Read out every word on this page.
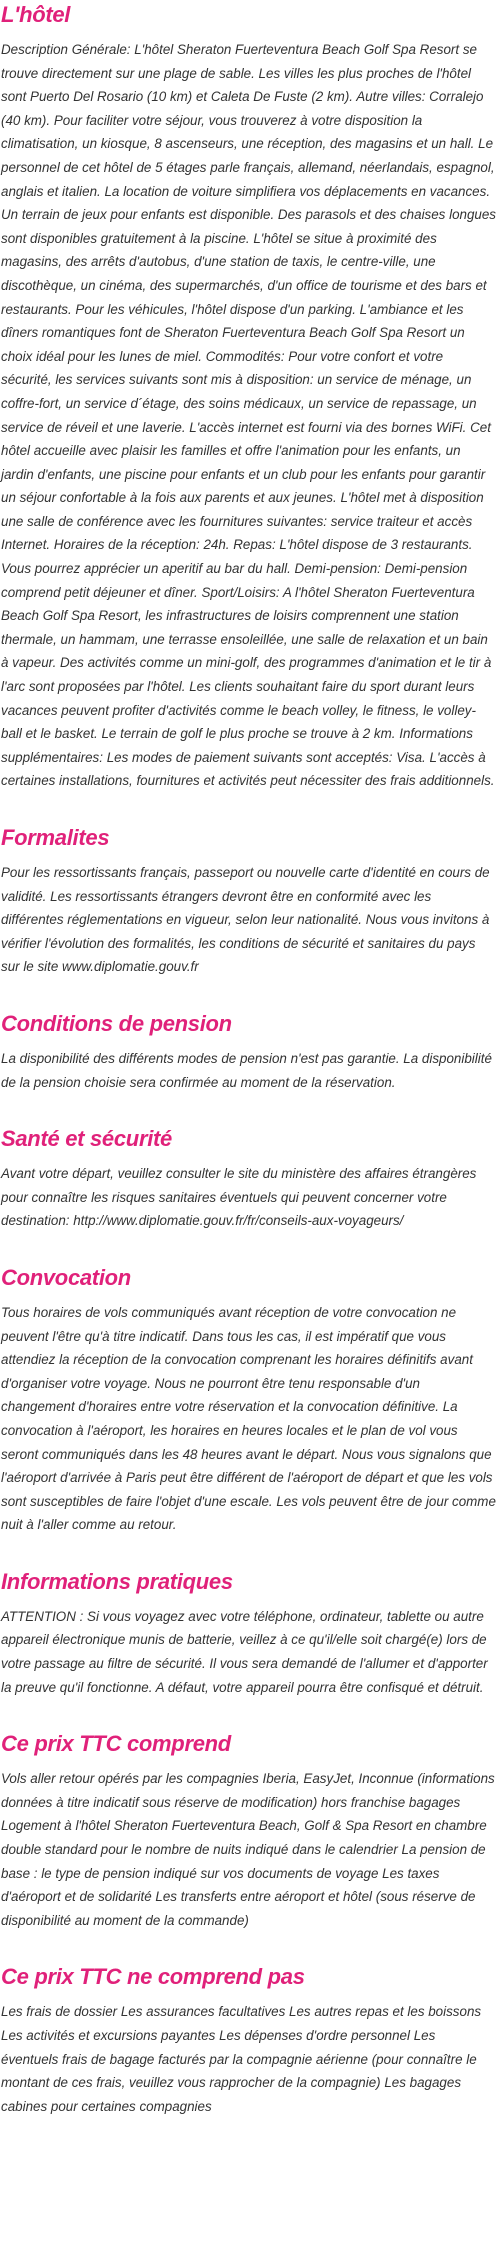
L'hôtel

Description Générale: L'hôtel Sheraton Fuerteventura Beach Golf Spa Resort se trouve directement sur une plage de sable. Les villes les plus proches de l'hôtel sont Puerto Del Rosario (10 km) et Caleta De Fuste (2 km). Autre villes: Corralejo (40 km). Pour faciliter votre séjour, vous trouverez à votre disposition la climatisation, un kiosque, 8 ascenseurs, une réception, des magasins et un hall. Le personnel de cet hôtel de 5 étages parle français, allemand, néerlandais, espagnol, anglais et italien. La location de voiture simplifiera vos déplacements en vacances. Un terrain de jeux pour enfants est disponible. Des parasols et des chaises longues sont disponibles gratuitement à la piscine. L'hôtel se situe à proximité des magasins, des arrêts d'autobus, d'une station de taxis, le centre-ville, une discothèque, un cinéma, des supermarchés, d'un office de tourisme et des bars et restaurants. Pour les véhicules, l'hôtel dispose d'un parking. L'ambiance et les dîners romantiques font de Sheraton Fuerteventura Beach Golf Spa Resort un choix idéal pour les lunes de miel. Commodités: Pour votre confort et votre sécurité, les services suivants sont mis à disposition: un service de ménage, un coffre-fort, un service d´étage, des soins médicaux, un service de repassage, un service de réveil et une laverie. L'accès internet est fourni via des bornes WiFi. Cet hôtel accueille avec plaisir les familles et offre l'animation pour les enfants, un jardin d'enfants, une piscine pour enfants et un club pour les enfants pour garantir un séjour confortable à la fois aux parents et aux jeunes. L'hôtel met à disposition une salle de conférence avec les fournitures suivantes: service traiteur et accès Internet. Horaires de la réception: 24h. Repas: L'hôtel dispose de 3 restaurants. Vous pourrez apprécier un aperitif au bar du hall. Demi-pension: Demi-pension comprend petit déjeuner et dîner. Sport/Loisirs: A l'hôtel Sheraton Fuerteventura Beach Golf Spa Resort, les infrastructures de loisirs comprennent une station thermale, un hammam, une terrasse ensoleillée, une salle de relaxation et un bain à vapeur. Des activités comme un mini-golf, des programmes d'animation et le tir à l'arc sont proposées par l'hôtel. Les clients souhaitant faire du sport durant leurs vacances peuvent profiter d'activités comme le beach volley, le fitness, le volley-ball et le basket. Le terrain de golf le plus proche se trouve à 2 km. Informations supplémentaires: Les modes de paiement suivants sont acceptés: Visa. L'accès à certaines installations, fournitures et activités peut nécessiter des frais additionnels.

Formalites

Pour les ressortissants français, passeport ou nouvelle carte d'identité en cours de validité. Les ressortissants étrangers devront être en conformité avec les différentes réglementations en vigueur, selon leur nationalité. Nous vous invitons à vérifier l'évolution des formalités, les conditions de sécurité et sanitaires du pays sur le site www.diplomatie.gouv.fr

Conditions de pension

La disponibilité des différents modes de pension n'est pas garantie. La disponibilité de la pension choisie sera confirmée au moment de la réservation.

Santé et sécurité

Avant votre départ, veuillez consulter le site du ministère des affaires étrangères pour connaître les risques sanitaires éventuels qui peuvent concerner votre destination: http://www.diplomatie.gouv.fr/fr/conseils-aux-voyageurs/

Convocation

Tous horaires de vols communiqués avant réception de votre convocation ne peuvent l'être qu'à titre indicatif. Dans tous les cas, il est impératif que vous attendiez la réception de la convocation comprenant les horaires définitifs avant d'organiser votre voyage. Nous ne pourront être tenu responsable d'un changement d'horaires entre votre réservation et la convocation définitive. La convocation à l'aéroport, les horaires en heures locales et le plan de vol vous seront communiqués dans les 48 heures avant le départ. Nous vous signalons que l'aéroport d'arrivée à Paris peut être différent de l'aéroport de départ et que les vols sont susceptibles de faire l'objet d'une escale. Les vols peuvent être de jour comme nuit à l'aller comme au retour.

Informations pratiques

ATTENTION : Si vous voyagez avec votre téléphone, ordinateur, tablette ou autre appareil électronique munis de batterie, veillez à ce qu'il/elle soit chargé(e) lors de votre passage au filtre de sécurité. Il vous sera demandé de l'allumer et d'apporter la preuve qu'il fonctionne. A défaut, votre appareil pourra être confisqué et détruit.

Ce prix TTC comprend

Vols aller retour opérés par les compagnies Iberia, EasyJet, Inconnue (informations données à titre indicatif sous réserve de modification) hors franchise bagages Logement à l'hôtel Sheraton Fuerteventura Beach, Golf & Spa Resort en chambre double standard pour le nombre de nuits indiqué dans le calendrier La pension de base : le type de pension indiqué sur vos documents de voyage Les taxes d'aéroport et de solidarité Les transferts entre aéroport et hôtel (sous réserve de disponibilité au moment de la commande)

Ce prix TTC ne comprend pas

Les frais de dossier Les assurances facultatives Les autres repas et les boissons Les activités et excursions payantes Les dépenses d'ordre personnel Les éventuels frais de bagage facturés par la compagnie aérienne (pour connaître le montant de ces frais, veuillez vous rapprocher de la compagnie) Les bagages cabines pour certaines compagnies
